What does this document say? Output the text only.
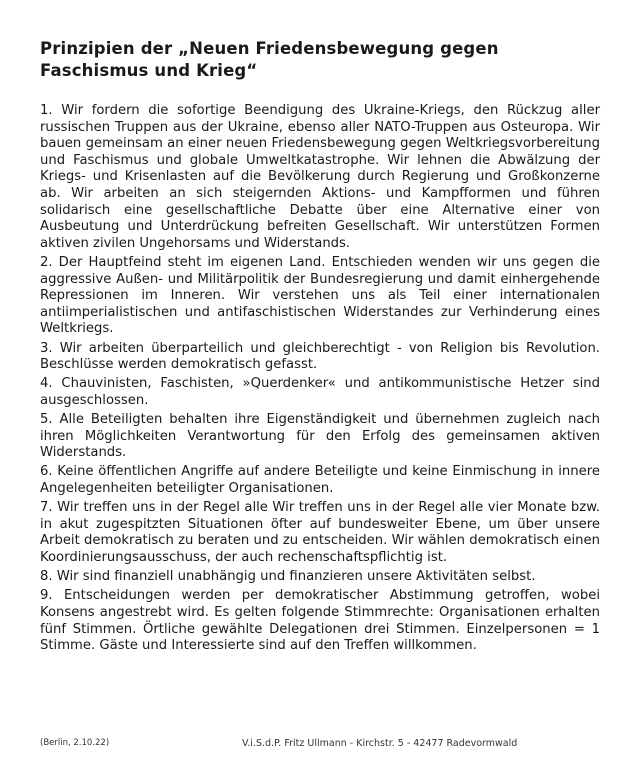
Prinzipien der „Neuen Friedensbewegung gegen Faschismus und Krieg“

1. Wir fordern die sofortige Beendigung des Ukraine-Kriegs, den Rückzug aller russischen Truppen aus der Ukraine, ebenso aller NATO-Truppen aus Osteuropa. Wir bauen gemeinsam an einer neuen Friedensbewegung gegen Weltkriegsvorbereitung und Faschismus und globale Umweltkatastrophe. Wir lehnen die Abwälzung der Kriegs- und Krisenlasten auf die Bevölkerung durch Regierung und Großkonzerne ab. Wir arbeiten an sich steigernden Aktions- und Kampfformen und führen solidarisch eine gesellschaftliche Debatte über eine Alternative einer von Ausbeutung und Unterdrückung befreiten Gesellschaft. Wir unterstützen Formen aktiven zivilen Ungehorsams und Widerstands.

2. Der Hauptfeind steht im eigenen Land. Entschieden wenden wir uns gegen die aggressive Außen- und Militärpolitik der Bundesregierung und damit einhergehende Repressionen im Inneren. Wir verstehen uns als Teil einer internationalen antiimperialistischen und antifaschistischen Widerstandes zur Verhinderung eines Weltkriegs.

3. Wir arbeiten überparteilich und gleichberechtigt - von Religion bis Revolution. Beschlüsse werden demokratisch gefasst.

4. Chauvinisten, Faschisten, »Querdenker« und antikommunistische Hetzer sind ausgeschlossen.

5. Alle Beteiligten behalten ihre Eigenständigkeit und übernehmen zugleich nach ihren Möglichkeiten Verantwortung für den Erfolg des gemeinsamen aktiven Widerstands.

6. Keine öffentlichen Angriffe auf andere Beteiligte und keine Einmischung in innere Angelegenheiten beteiligter Organisationen.

7. Wir treffen uns in der Regel alle Wir treffen uns in der Regel alle vier Monate bzw. in akut zugespitzten Situationen öfter auf bundesweiter Ebene, um über unsere Arbeit demokratisch zu beraten und zu entscheiden. Wir wählen demokratisch einen Koordinierungsausschuss, der auch rechenschaftspflichtig ist.

8. Wir sind finanziell unabhängig und finanzieren unsere Aktivitäten selbst.

9. Entscheidungen werden per demokratischer Abstimmung getroffen, wobei Konsens angestrebt wird. Es gelten folgende Stimmrechte: Organisationen erhalten fünf Stimmen. Örtliche gewählte Delegationen drei Stimmen. Einzelpersonen = 1 Stimme. Gäste und Interessierte sind auf den Treffen willkommen.

(Berlin, 2.10.22)	V.i.S.d.P. Fritz Ullmann - Kirchstr. 5 - 42477 Radevormwald
